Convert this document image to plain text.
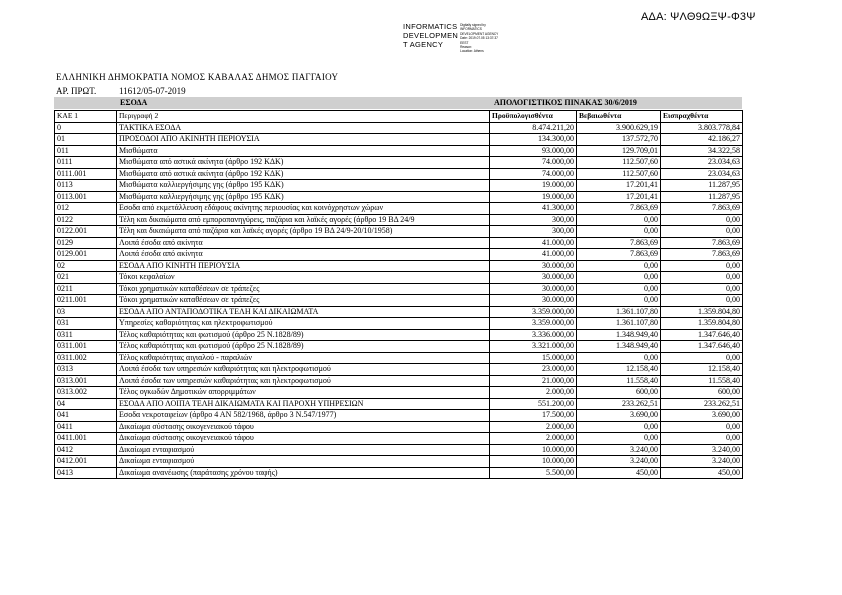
ΑΔΑ: ΨΛΘ9ΩΞΨ-Φ3Ψ
INFORMATICS
DEVELOPMEN
T AGENCY
Digitally signed by
INFORMATICS
DEVELOPMENT AGENCY
Date: 2019.07.05 13:37:37
EEST
Reason:
Location: Athens
ΕΛΛΗΝΙΚΗ ΔΗΜΟΚΡΑΤΙΑ ΝΟΜΟΣ ΚΑΒΑΛΑΣ ΔΗΜΟΣ ΠΑΓΓΑΙΟΥ
ΑΡ. ΠΡΩΤ.	11612/05-07-2019
ΕΣΟΔΑ	ΑΠΟΛΟΓΙΣΤΙΚΟΣ ΠΙΝΑΚΑΣ 30/6/2019
ΚΑΕ 1	Περιγραφή 2	Προϋπολογισθέντα	Βεβαιωθέντα	Εισπραχθέντα
0	ΤΑΚΤΙΚΑ ΕΣΟΔΑ	8.474.211,20	3.900.629,19	3.803.778,84
01	ΠΡΟΣΟΔΟΙ ΑΠΟ ΑΚΙΝΗΤΗ ΠΕΡΙΟΥΣΙΑ	134.300,00	137.572,70	42.186,27
011	Μισθώματα	93.000,00	129.709,01	34.322,58
0111	Μισθώματα από αστικά ακίνητα (άρθρο 192 ΚΔΚ)	74.000,00	112.507,60	23.034,63
0111.001	Μισθώματα από αστικά ακίνητα (άρθρο 192 ΚΔΚ)	74.000,00	112.507,60	23.034,63
0113	Μισθώματα καλλιεργήσιμης γης (άρθρο 195 ΚΔΚ)	19.000,00	17.201,41	11.287,95
0113.001	Μισθώματα καλλιεργήσιμης γης (άρθρο 195 ΚΔΚ)	19.000,00	17.201,41	11.287,95
012	Εσοδα από εκμετάλλευση εδάφους ακίνητης περιουσίας και κοινόχρηστων χώρων	41.300,00	7.863,69	7.863,69
0122	Τέλη και δικαιώματα από εμποροπανηγύρεις, παζάρια και λαϊκές αγορές (άρθρο 19 ΒΔ 24/9	300,00	0,00	0,00
0122.001	Τέλη και δικαιώματα από παζάρια και λαϊκές αγορές (άρθρο 19 ΒΔ 24/9-20/10/1958)	300,00	0,00	0,00
0129	Λοιπά έσοδα από ακίνητα	41.000,00	7.863,69	7.863,69
0129.001	Λοιπά έσοδα από ακίνητα	41.000,00	7.863,69	7.863,69
02	ΕΣΟΔΑ ΑΠΟ ΚΙΝΗΤΗ ΠΕΡΙΟΥΣΙΑ	30.000,00	0,00	0,00
021	Τόκοι κεφαλαίων	30.000,00	0,00	0,00
0211	Τόκοι χρηματικών καταθέσεων σε τράπεζες	30.000,00	0,00	0,00
0211.001	Τόκοι χρηματικών καταθέσεων σε τράπεζες	30.000,00	0,00	0,00
03	ΕΣΟΔΑ ΑΠΟ ΑΝΤΑΠΟΔΟΤΙΚΑ ΤΕΛΗ ΚΑΙ ΔΙΚΑΙΩΜΑΤΑ	3.359.000,00	1.361.107,80	1.359.804,80
031	Υπηρεσίες καθαριότητας και ηλεκτροφωτισμού	3.359.000,00	1.361.107,80	1.359.804,80
0311	Τέλος καθαριότητας και φωτισμού (άρθρο 25 Ν.1828/89)	3.336.000,00	1.348.949,40	1.347.646,40
0311.001	Τέλος καθαριότητας και φωτισμού (άρθρο 25 Ν.1828/89)	3.321.000,00	1.348.949,40	1.347.646,40
0311.002	Τέλος καθαριότητας αιγιαλού - παραλιών	15.000,00	0,00	0,00
0313	Λοιπά έσοδα των υπηρεσιών καθαριότητας και ηλεκτροφωτισμού	23.000,00	12.158,40	12.158,40
0313.001	Λοιπά έσοδα των υπηρεσιών καθαριότητας και ηλεκτροφωτισμού	21.000,00	11.558,40	11.558,40
0313.002	Τέλος ογκωδών Δημοτικών απορριμμάτων	2.000,00	600,00	600,00
04	ΕΣΟΔΑ ΑΠΟ ΛΟΙΠΑ ΤΕΛΗ ΔΙΚΑΙΩΜΑΤΑ ΚΑΙ ΠΑΡΟΧΗ ΥΠΗΡΕΣΙΩΝ	551.200,00	233.262,51	233.262,51
041	Εσοδα νεκροταφείων (άρθρο 4 ΑΝ 582/1968, άρθρο 3 Ν.547/1977)	17.500,00	3.690,00	3.690,00
0411	Δικαίωμα σύστασης οικογενειακού τάφου	2.000,00	0,00	0,00
0411.001	Δικαίωμα σύστασης οικογενειακού τάφου	2.000,00	0,00	0,00
0412	Δικαίωμα ενταφιασμού	10.000,00	3.240,00	3.240,00
0412.001	Δικαίωμα ενταφιασμού	10.000,00	3.240,00	3.240,00
0413	Δικαίωμα ανανέωσης (παράτασης χρόνου ταφής)	5.500,00	450,00	450,00
